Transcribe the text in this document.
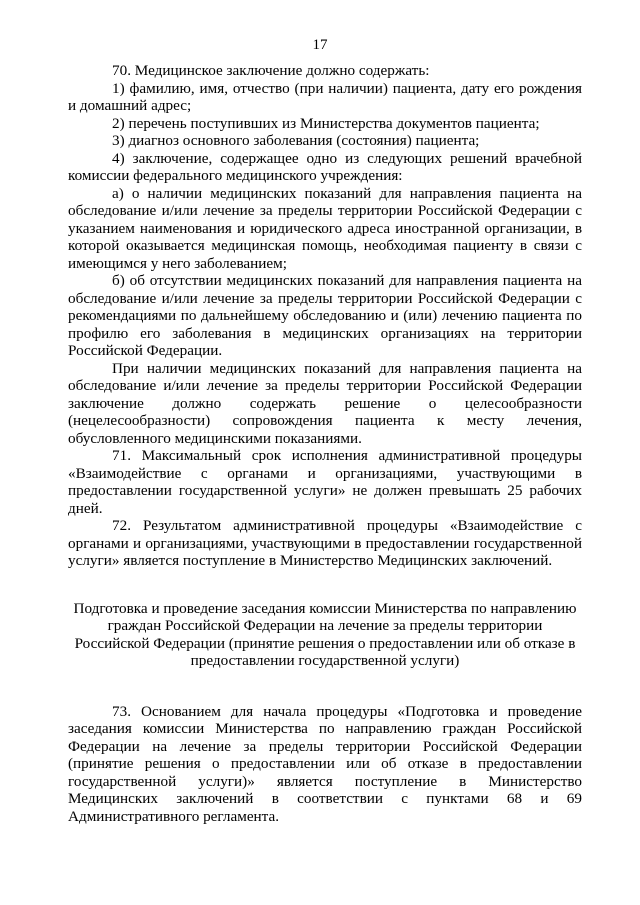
17

70. Медицинское заключение должно содержать:

1) фамилию, имя, отчество (при наличии) пациента, дату его рождения и домашний адрес;

2) перечень поступивших из Министерства документов пациента;

3) диагноз основного заболевания (состояния) пациента;

4) заключение, содержащее одно из следующих решений врачебной комиссии федерального медицинского учреждения:

а) о наличии медицинских показаний для направления пациента на обследование и/или лечение за пределы территории Российской Федерации с указанием наименования и юридического адреса иностранной организации, в которой оказывается медицинская помощь, необходимая пациенту в связи с имеющимся у него заболеванием;

б) об отсутствии медицинских показаний для направления пациента на обследование и/или лечение за пределы территории Российской Федерации с рекомендациями по дальнейшему обследованию и (или) лечению пациента по профилю его заболевания в медицинских организациях на территории Российской Федерации.

При наличии медицинских показаний для направления пациента на обследование и/или лечение за пределы территории Российской Федерации заключение должно содержать решение о целесообразности (нецелесообразности) сопровождения пациента к месту лечения, обусловленного медицинскими показаниями.

71. Максимальный срок исполнения административной процедуры «Взаимодействие с органами и организациями, участвующими в предоставлении государственной услуги» не должен превышать 25 рабочих дней.

72. Результатом административной процедуры «Взаимодействие с органами и организациями, участвующими в предоставлении государственной услуги» является поступление в Министерство Медицинских заключений.

Подготовка и проведение заседания комиссии Министерства по направлению граждан Российской Федерации на лечение за пределы территории Российской Федерации (принятие решения о предоставлении или об отказе в предоставлении государственной услуги)

73. Основанием для начала процедуры «Подготовка и проведение заседания комиссии Министерства по направлению граждан Российской Федерации на лечение за пределы территории Российской Федерации (принятие решения о предоставлении или об отказе в предоставлении государственной услуги)» является поступление в Министерство Медицинских заключений в соответствии с пунктами 68 и 69 Административного регламента.
